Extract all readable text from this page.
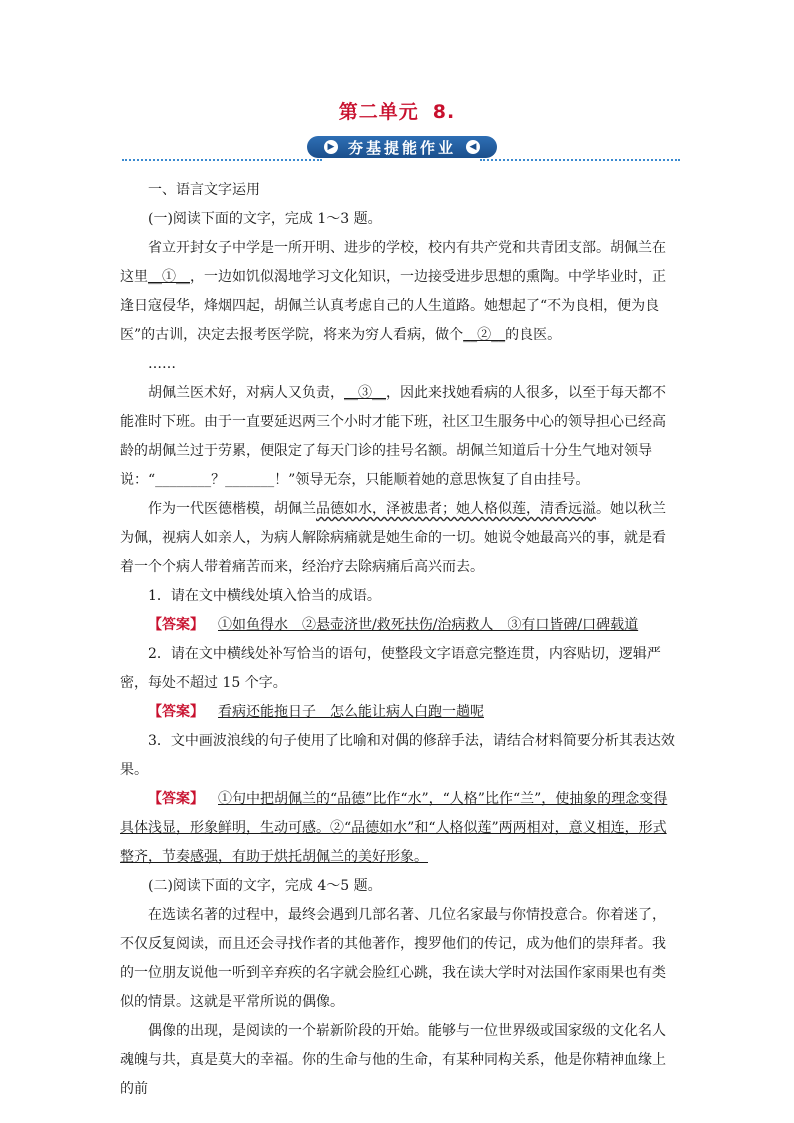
第二单元 8.
▶ 夯基提能作业	◀

一、语言文字运用

(一)阅读下面的文字，完成 1～3 题。

省立开封女子中学是一所开明、进步的学校，校内有共产党和共青团支部。胡佩兰在这里__①__，一边如饥似渴地学习文化知识，一边接受进步思想的熏陶。中学毕业时，正逢日寇侵华，烽烟四起，胡佩兰认真考虑自己的人生道路。她想起了“不为良相，便为良医”的古训，决定去报考医学院，将来为穷人看病，做个__②__的良医。

……

胡佩兰医术好，对病人又负责，__③__，因此来找她看病的人很多，以至于每天都不能准时下班。由于一直要延迟两三个小时才能下班，社区卫生服务中心的领导担心已经高龄的胡佩兰过于劳累，便限定了每天门诊的挂号名额。胡佩兰知道后十分生气地对领导说：“________？_______！”领导无奈，只能顺着她的意思恢复了自由挂号。

作为一代医德楷模，胡佩兰品德如水，泽被患者；她人格似莲，清香远溢。她以秋兰为佩，视病人如亲人，为病人解除病痛就是她生命的一切。她说令她最高兴的事，就是看着一个个病人带着痛苦而来，经治疗去除病痛后高兴而去。

1．请在文中横线处填入恰当的成语。

【答案】 ①如鱼得水　②悬壶济世/救死扶伤/治病救人　③有口皆碑/口碑载道

2．请在文中横线处补写恰当的语句，使整段文字语意完整连贯，内容贴切，逻辑严密，每处不超过 15 个字。

【答案】 看病还能拖日子　怎么能让病人白跑一趟呢

3．文中画波浪线的句子使用了比喻和对偶的修辞手法，请结合材料简要分析其表达效果。

【答案】 ①句中把胡佩兰的“品德”比作“水”，“人格”比作“兰”，使抽象的理念变得具体浅显，形象鲜明，生动可感。②“品德如水”和“人格似莲”两两相对，意义相连，形式整齐，节奏感强，有助于烘托胡佩兰的美好形象。

(二)阅读下面的文字，完成 4～5 题。

在选读名著的过程中，最终会遇到几部名著、几位名家最与你情投意合。你着迷了，不仅反复阅读，而且还会寻找作者的其他著作，搜罗他们的传记，成为他们的崇拜者。我的一位朋友说他一听到辛弃疾的名字就会脸红心跳，我在读大学时对法国作家雨果也有类似的情景。这就是平常所说的偶像。

偶像的出现，是阅读的一个崭新阶段的开始。能够与一位世界级或国家级的文化名人魂魄与共，真是莫大的幸福。你的生命与他的生命，有某种同构关系，他是你精神血缘上的前
